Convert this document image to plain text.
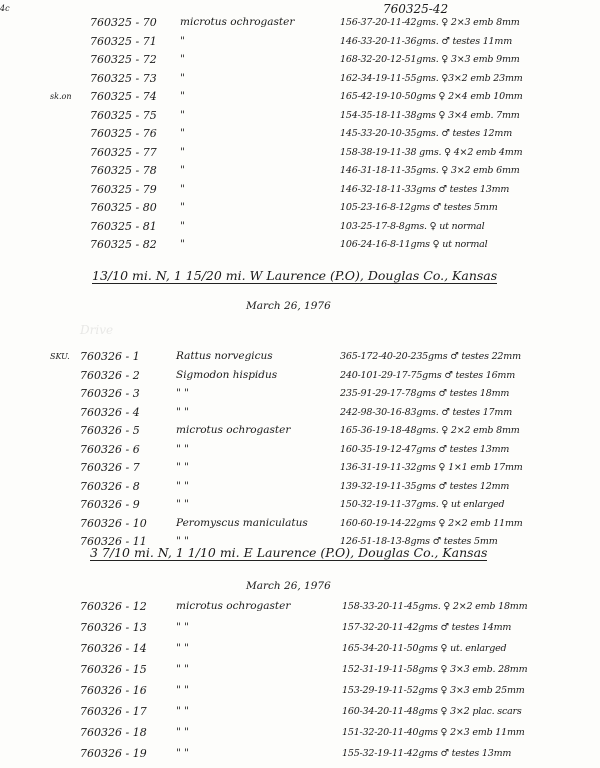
4c	760325-42
760325 - 70 microtus ochrogaster	156-37-20-11-42gms. ♀ 2×3 emb 8mm
760325 - 71 "	146-33-20-11-36gms. ♂ testes 11mm
760325 - 72 "	168-32-20-12-51gms. ♀ 3×3 emb 9mm
760325 - 73 "	162-34-19-11-55gms. ♀3×2 emb 23mm
sk.on 760325 - 74 "	165-42-19-10-50gms ♀ 2×4 emb 10mm
760325 - 75 "	154-35-18-11-38gms ♀ 3×4 emb. 7mm
760325 - 76 "	145-33-20-10-35gms. ♂ testes 12mm
760325 - 77 "	158-38-19-11-38 gms. ♀ 4×2 emb 4mm
760325 - 78 "	146-31-18-11-35gms. ♀ 3×2 emb 6mm
760325 - 79 "	146-32-18-11-33gms ♂ testes 13mm
760325 - 80 "	105-23-16-8-12gms ♂ testes 5mm
760325 - 81 "	103-25-17-8-8gms. ♀ ut normal
760325 - 82 "	106-24-16-8-11gms ♀ ut normal
13/10 mi. N, 1 15/20 mi. W Laurence (P.O), Douglas Co., Kansas
March 26, 1976
Drive
SKU. 760326 - 1	Rattus norvegicus	365-172-40-20-235gms ♂ testes 22mm
760326 - 2	Sigmodon hispidus	240-101-29-17-75gms ♂ testes 16mm
760326 - 3	" "	235-91-29-17-78gms ♂ testes 18mm
760326 - 4	" "	242-98-30-16-83gms. ♂ testes 17mm
760326 - 5	microtus ochrogaster	165-36-19-18-48gms. ♀ 2×2 emb 8mm
760326 - 6	" "	160-35-19-12-47gms ♂ testes 13mm
760326 - 7	" "	136-31-19-11-32gms ♀ 1×1 emb 17mm
760326 - 8	" "	139-32-19-11-35gms ♂ testes 12mm
760326 - 9	" "	150-32-19-11-37gms. ♀ ut enlarged
760326 - 10	Peromyscus maniculatus	160-60-19-14-22gms ♀ 2×2 emb 11mm
760326 - 11	" "	126-51-18-13-8gms ♂ testes 5mm
3 7/10 mi. N, 1 1/10 mi. E Laurence (P.O), Douglas Co., Kansas
March 26, 1976
760326 - 12	microtus ochrogaster	158-33-20-11-45gms. ♀ 2×2 emb 18mm
760326 - 13	" "	157-32-20-11-42gms ♂ testes 14mm
760326 - 14	" "	165-34-20-11-50gms ♀ ut. enlarged
760326 - 15	" "	152-31-19-11-58gms ♀ 3×3 emb. 28mm
760326 - 16	" "	153-29-19-11-52gms ♀ 3×3 emb 25mm
760326 - 17	" "	160-34-20-11-48gms ♀ 3×2 plac. scars
760326 - 18	" "	151-32-20-11-40gms ♀ 2×3 emb 11mm
760326 - 19	" "	155-32-19-11-42gms ♂ testes 13mm
